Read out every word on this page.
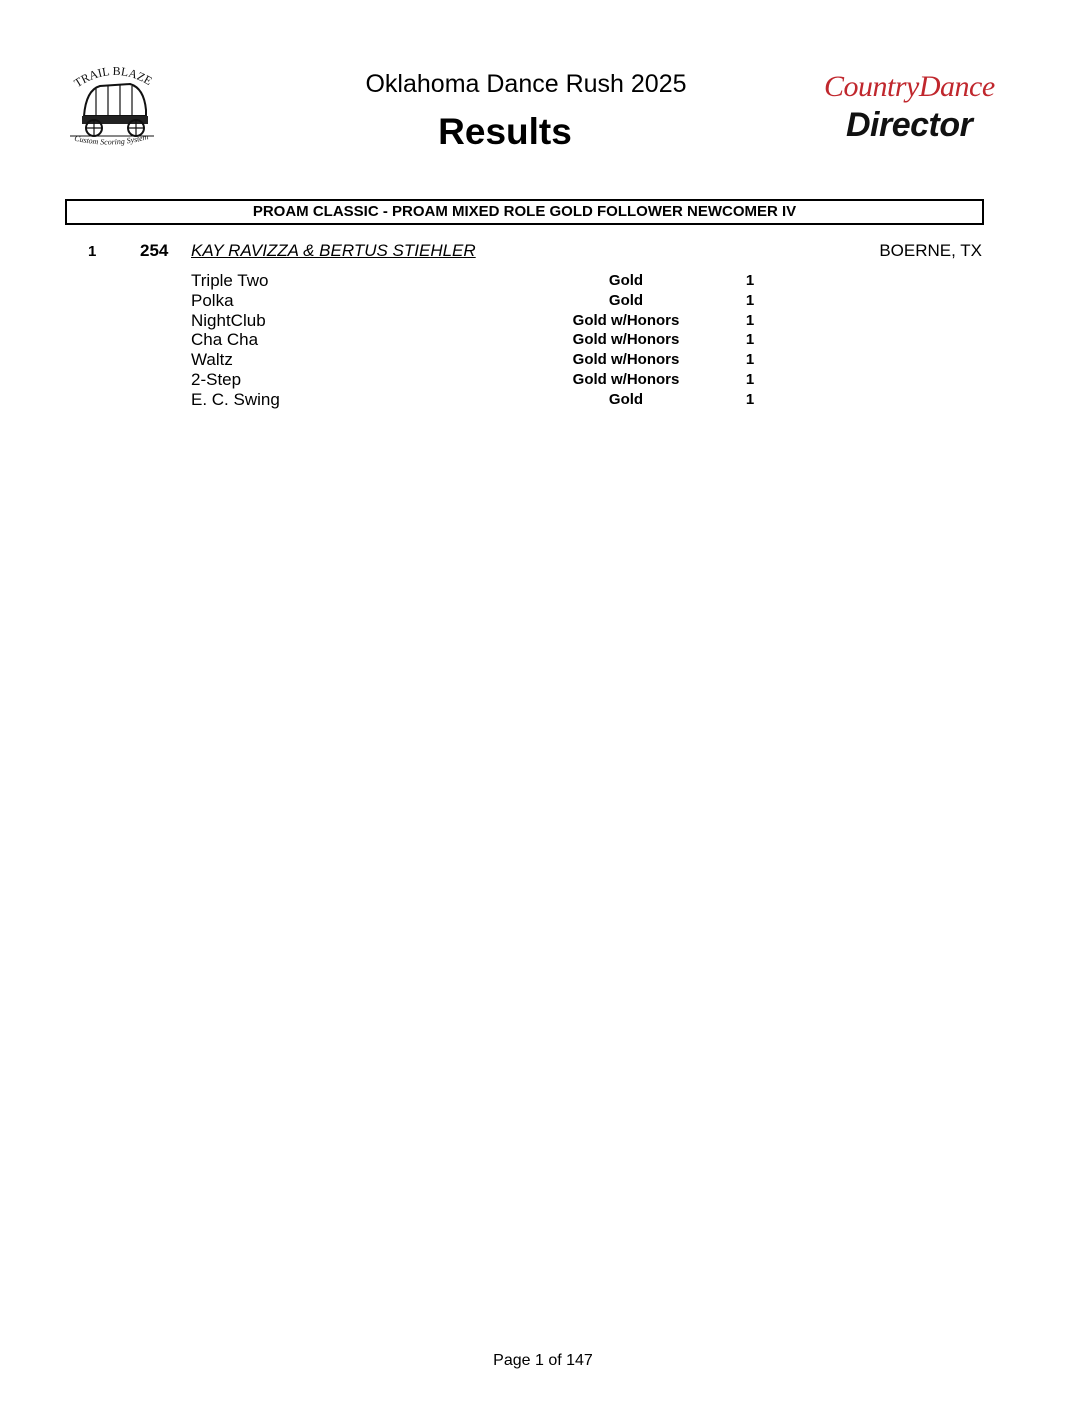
TRAIL BLAZE
Custom Scoring System
Oklahoma Dance Rush 2025
Results
CountryDance
Director
PROAM CLASSIC - PROAM MIXED ROLE GOLD FOLLOWER NEWCOMER IV
1	254 KAY RAVIZZA & BERTUS STIEHLER	BOERNE, TX
Triple Two	Gold	1
Polka	Gold	1
NightClub	Gold w/Honors	1
Cha Cha	Gold w/Honors	1
Waltz	Gold w/Honors	1
2-Step	Gold w/Honors	1
E. C. Swing	Gold	1
Page 1 of 147
